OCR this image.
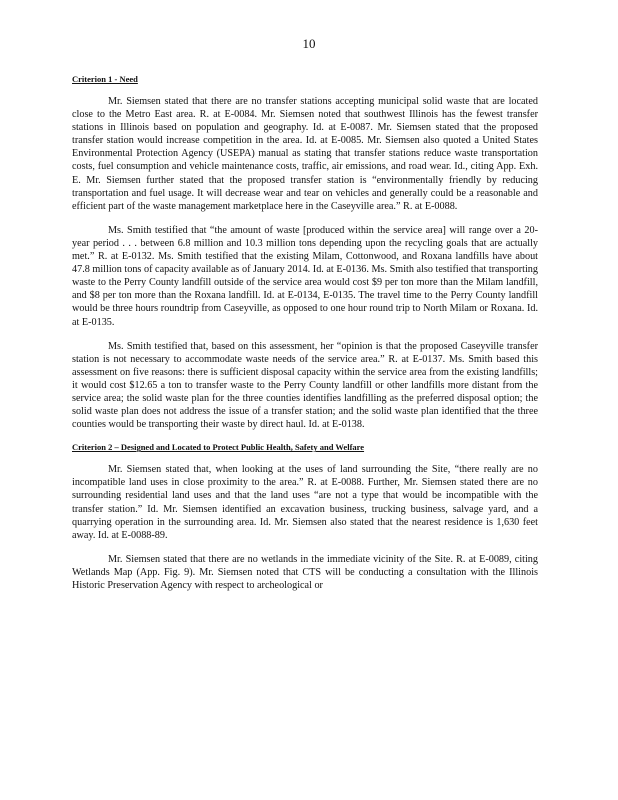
10
Criterion 1 - Need

Mr. Siemsen stated that there are no transfer stations accepting municipal solid waste that are located close to the Metro East area. R. at E-0084. Mr. Siemsen noted that southwest Illinois has the fewest transfer stations in Illinois based on population and geography. Id. at E-0087. Mr. Siemsen stated that the proposed transfer station would increase competition in the area. Id. at E-0085. Mr. Siemsen also quoted a United States Environmental Protection Agency (USEPA) manual as stating that transfer stations reduce waste transportation costs, fuel consumption and vehicle maintenance costs, traffic, air emissions, and road wear. Id., citing App. Exh. E. Mr. Siemsen further stated that the proposed transfer station is “environmentally friendly by reducing transportation and fuel usage. It will decrease wear and tear on vehicles and generally could be a reasonable and efficient part of the waste management marketplace here in the Caseyville area.” R. at E-0088.

Ms. Smith testified that “the amount of waste [produced within the service area] will range over a 20-year period . . . between 6.8 million and 10.3 million tons depending upon the recycling goals that are actually met.” R. at E-0132. Ms. Smith testified that the existing Milam, Cottonwood, and Roxana landfills have about 47.8 million tons of capacity available as of January 2014. Id. at E-0136. Ms. Smith also testified that transporting waste to the Perry County landfill outside of the service area would cost $9 per ton more than the Milam landfill, and $8 per ton more than the Roxana landfill. Id. at E-0134, E-0135. The travel time to the Perry County landfill would be three hours roundtrip from Caseyville, as opposed to one hour round trip to North Milam or Roxana. Id. at E-0135.

Ms. Smith testified that, based on this assessment, her “opinion is that the proposed Caseyville transfer station is not necessary to accommodate waste needs of the service area.” R. at E-0137. Ms. Smith based this assessment on five reasons: there is sufficient disposal capacity within the service area from the existing landfills; it would cost $12.65 a ton to transfer waste to the Perry County landfill or other landfills more distant from the service area; the solid waste plan for the three counties identifies landfilling as the preferred disposal option; the solid waste plan does not address the issue of a transfer station; and the solid waste plan identified that the three counties would be transporting their waste by direct haul. Id. at E-0138.

Criterion 2 – Designed and Located to Protect Public Health, Safety and Welfare

Mr. Siemsen stated that, when looking at the uses of land surrounding the Site, “there really are no incompatible land uses in close proximity to the area.” R. at E-0088. Further, Mr. Siemsen stated there are no surrounding residential land uses and that the land uses “are not a type that would be incompatible with the transfer station.” Id. Mr. Siemsen identified an excavation business, trucking business, salvage yard, and a quarrying operation in the surrounding area. Id. Mr. Siemsen also stated that the nearest residence is 1,630 feet away. Id. at E-0088-89.

Mr. Siemsen stated that there are no wetlands in the immediate vicinity of the Site. R. at E-0089, citing Wetlands Map (App. Fig. 9). Mr. Siemsen noted that CTS will be conducting a consultation with the Illinois Historic Preservation Agency with respect to archeological or
